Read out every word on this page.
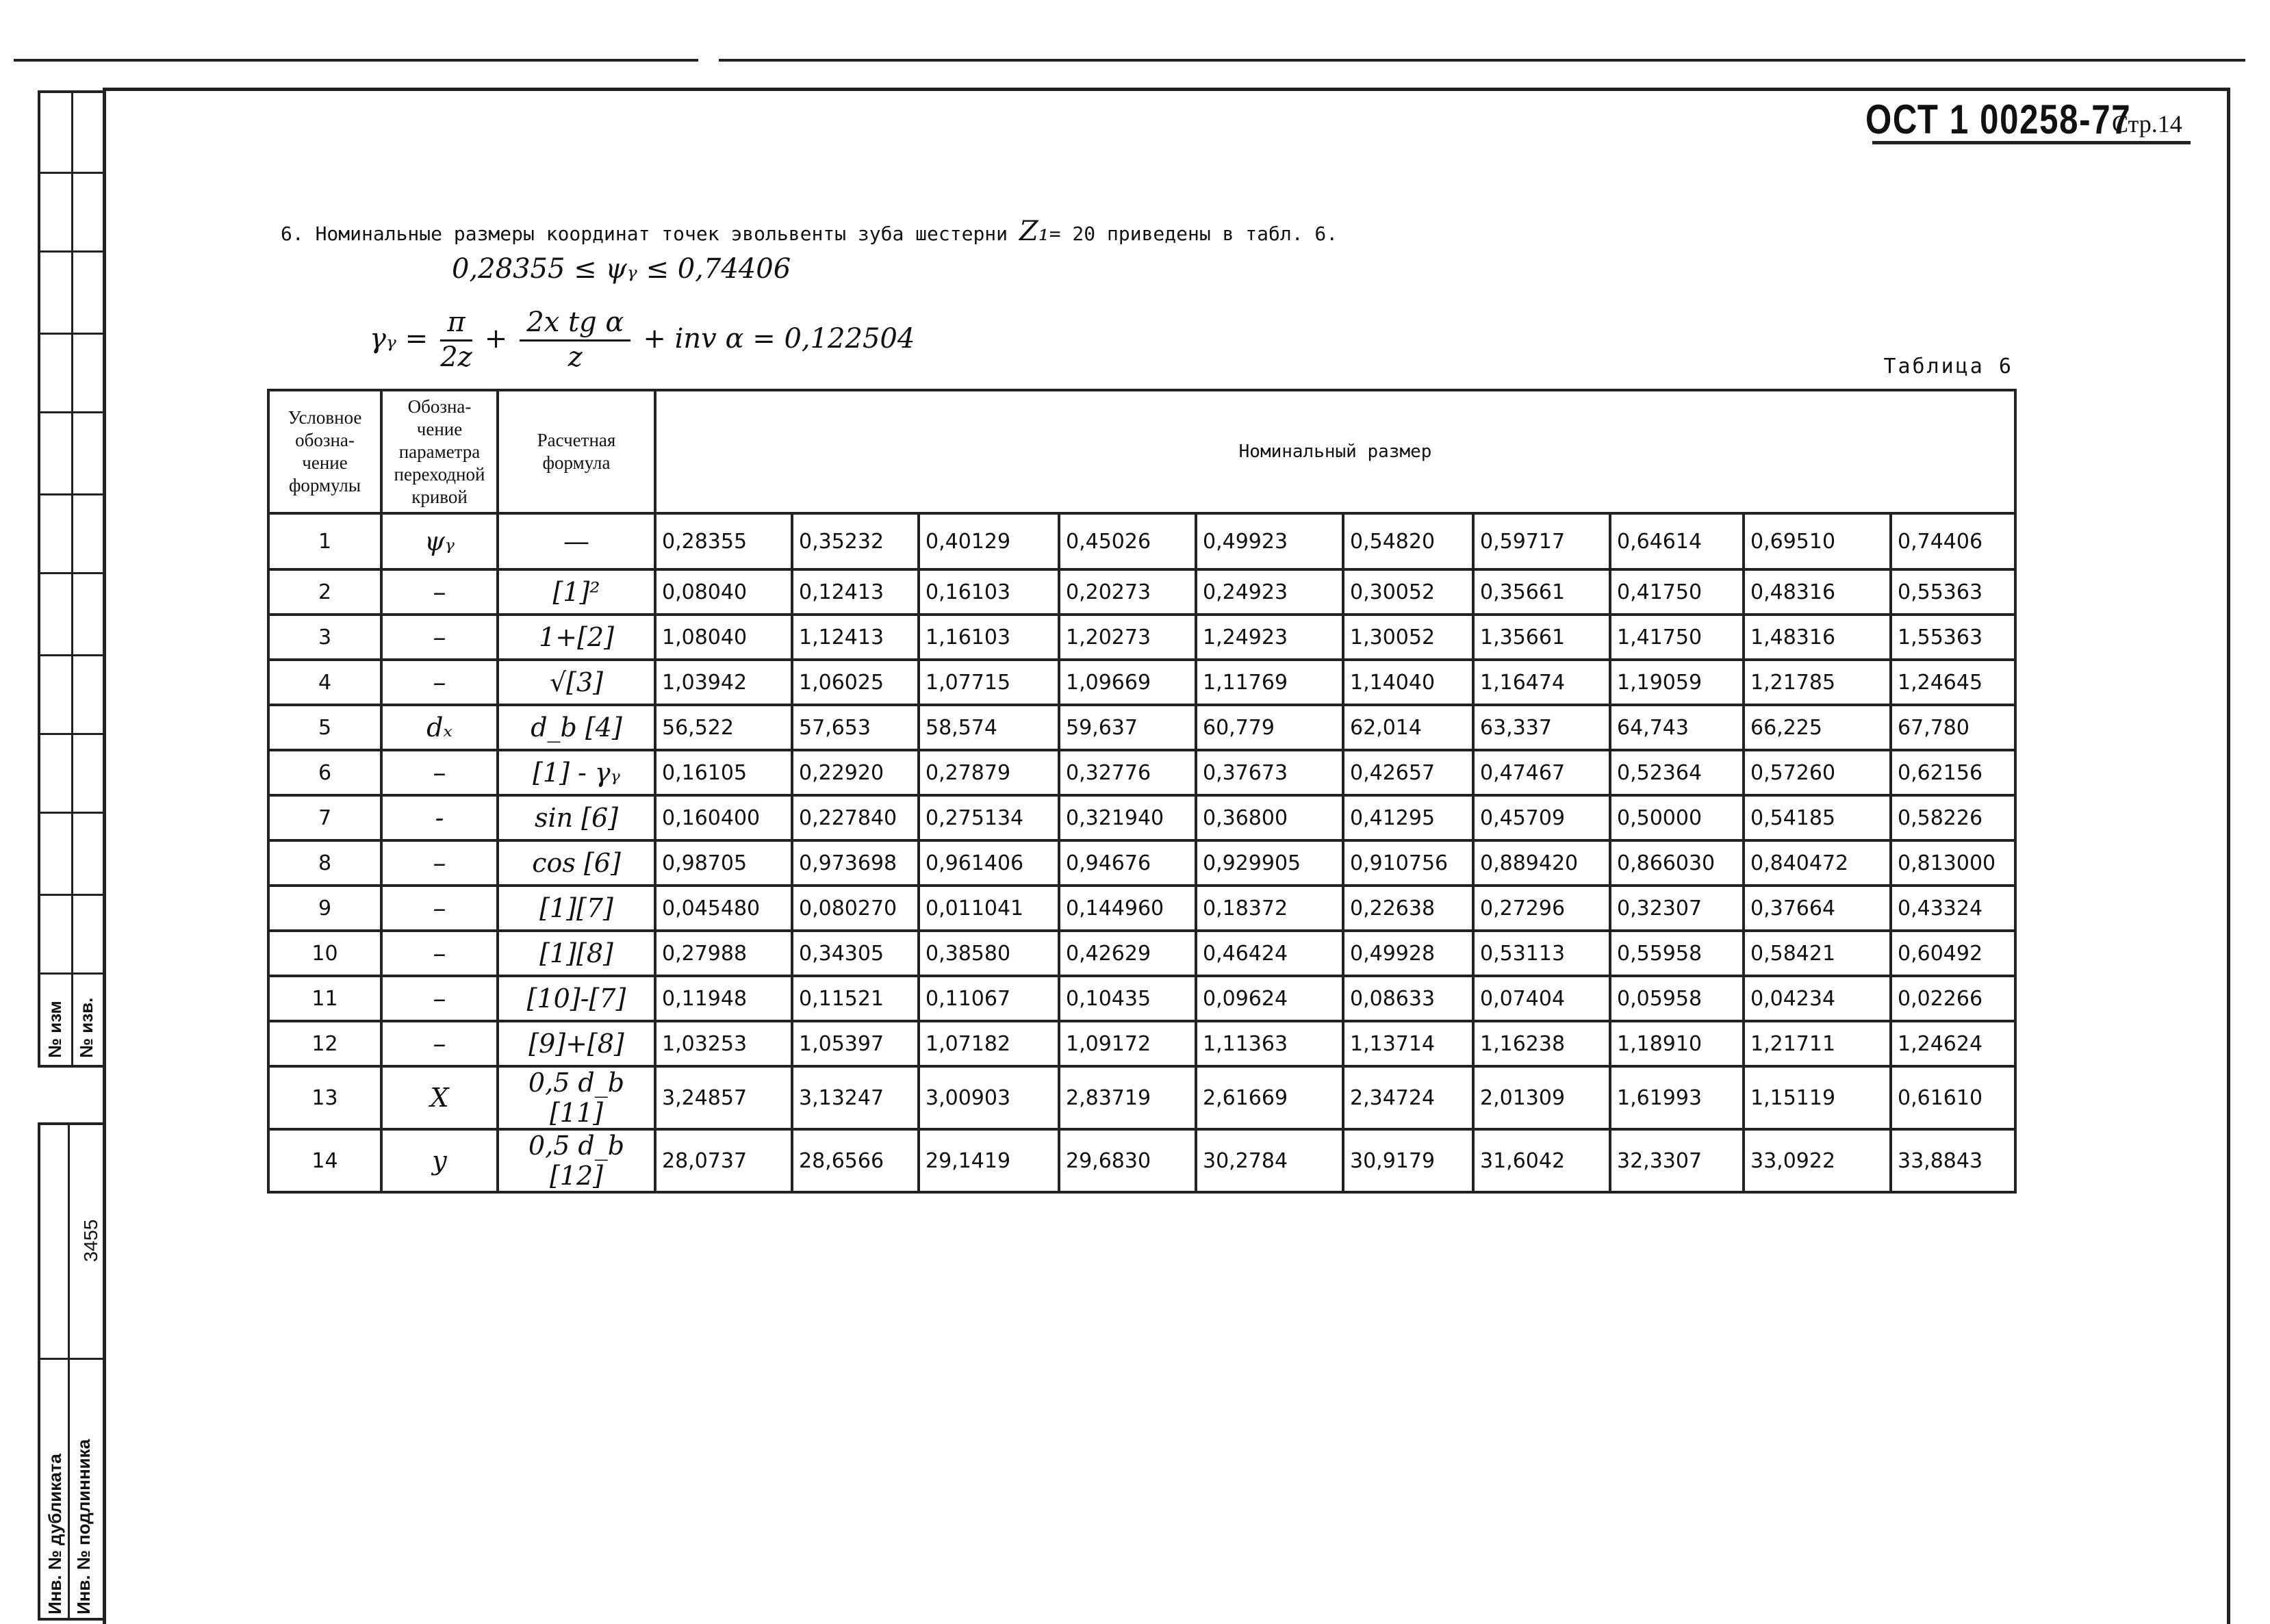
№ изм № изв.
3455
Инв. № дубликата Инв. № подлинника
ОСТ 1 00258-77
Стр.14
6. Номинальные размеры координат точек эвольвенты зуба шестерни Z₁= 20 приведены в табл. 6.
0,28355 ≤ ψᵧ ≤ 0,74406
γᵧ = $\frac{\pi}{2z} + \frac{\text{2x tg α}}{z}$ + inv α = 0,122504
Таблица 6
Условное обозна- чение формулы	Обозна- чение параметра переходной кривой	Расчетная формула	Номинальный размер									
1	ψᵧ	—	0,28355	0,35232	0,40129	0,45026	0,49923	0,54820	0,59717	0,64614	0,69510	0,74406
2	–	[1]²	0,08040	0,12413	0,16103	0,20273	0,24923	0,30052	0,35661	0,41750	0,48316	0,55363
3	–	1+[2]	1,08040	1,12413	1,16103	1,20273	1,24923	1,30052	1,35661	1,41750	1,48316	1,55363
4	–	√[3]	1,03942	1,06025	1,07715	1,09669	1,11769	1,14040	1,16474	1,19059	1,21785	1,24645
5	dₓ	d_b [4]	56,522	57,653	58,574	59,637	60,779	62,014	63,337	64,743	66,225	67,780
6	–	[1] - γᵧ	0,16105	0,22920	0,27879	0,32776	0,37673	0,42657	0,47467	0,52364	0,57260	0,62156
7	-	sin [6]	0,160400	0,227840	0,275134	0,321940	0,36800	0,41295	0,45709	0,50000	0,54185	0,58226
8	–	cos [6]	0,98705	0,973698	0,961406	0,94676	0,929905	0,910756	0,889420	0,866030	0,840472	0,813000
9	–	[1][7]	0,045480	0,080270	0,011041	0,144960	0,18372	0,22638	0,27296	0,32307	0,37664	0,43324
10	–	[1][8]	0,27988	0,34305	0,38580	0,42629	0,46424	0,49928	0,53113	0,55958	0,58421	0,60492
11	–	[10]-[7]	0,11948	0,11521	0,11067	0,10435	0,09624	0,08633	0,07404	0,05958	0,04234	0,02266
12	–	[9]+[8]	1,03253	1,05397	1,07182	1,09172	1,11363	1,13714	1,16238	1,18910	1,21711	1,24624
13	X	0,5 d_b [11]	3,24857	3,13247	3,00903	2,83719	2,61669	2,34724	2,01309	1,61993	1,15119	0,61610
14	y	0,5 d_b [12]	28,0737	28,6566	29,1419	29,6830	30,2784	30,9179	31,6042	32,3307	33,0922	33,8843
